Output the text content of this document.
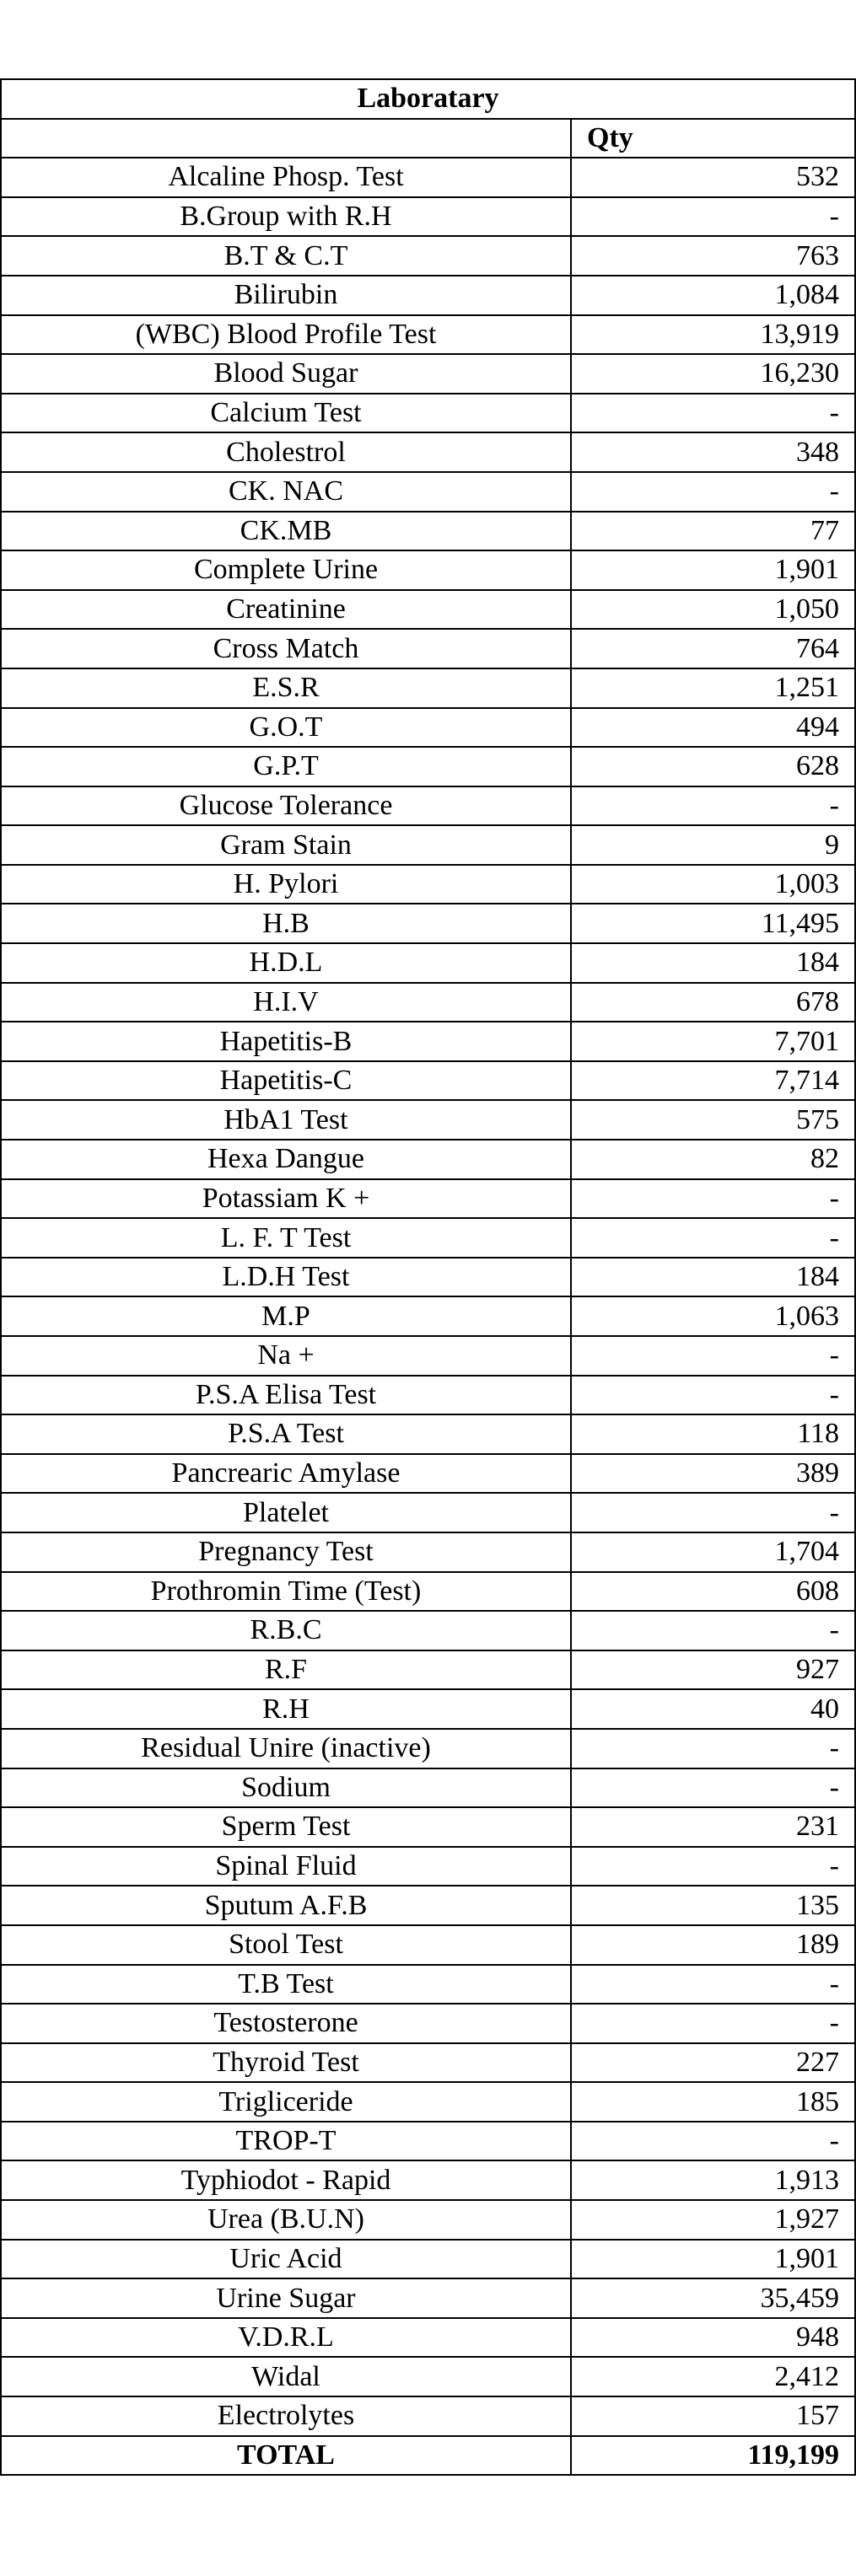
Laboratary	
	Qty
Alcaline Phosp. Test	532
B.Group with R.H	-
B.T & C.T	763
Bilirubin	1,084
(WBC) Blood Profile Test	13,919
Blood Sugar	16,230
Calcium Test	-
Cholestrol	348
CK. NAC	-
CK.MB	77
Complete Urine	1,901
Creatinine	1,050
Cross Match	764
E.S.R	1,251
G.O.T	494
G.P.T	628
Glucose Tolerance	-
Gram Stain	9
H. Pylori	1,003
H.B	11,495
H.D.L	184
H.I.V	678
Hapetitis-B	7,701
Hapetitis-C	7,714
HbA1 Test	575
Hexa Dangue	82
Potassiam K +	-
L. F. T Test	-
L.D.H Test	184
M.P	1,063
Na +	-
P.S.A Elisa Test	-
P.S.A Test	118
Pancrearic Amylase	389
Platelet	-
Pregnancy Test	1,704
Prothromin Time (Test)	608
R.B.C	-
R.F	927
R.H	40
Residual Unire (inactive)	-
Sodium	-
Sperm Test	231
Spinal Fluid	-
Sputum A.F.B	135
Stool Test	189
T.B Test	-
Testosterone	-
Thyroid Test	227
Trigliceride	185
TROP-T	-
Typhiodot - Rapid	1,913
Urea (B.U.N)	1,927
Uric Acid	1,901
Urine Sugar	35,459
V.D.R.L	948
Widal	2,412
Electrolytes	157
TOTAL	119,199
